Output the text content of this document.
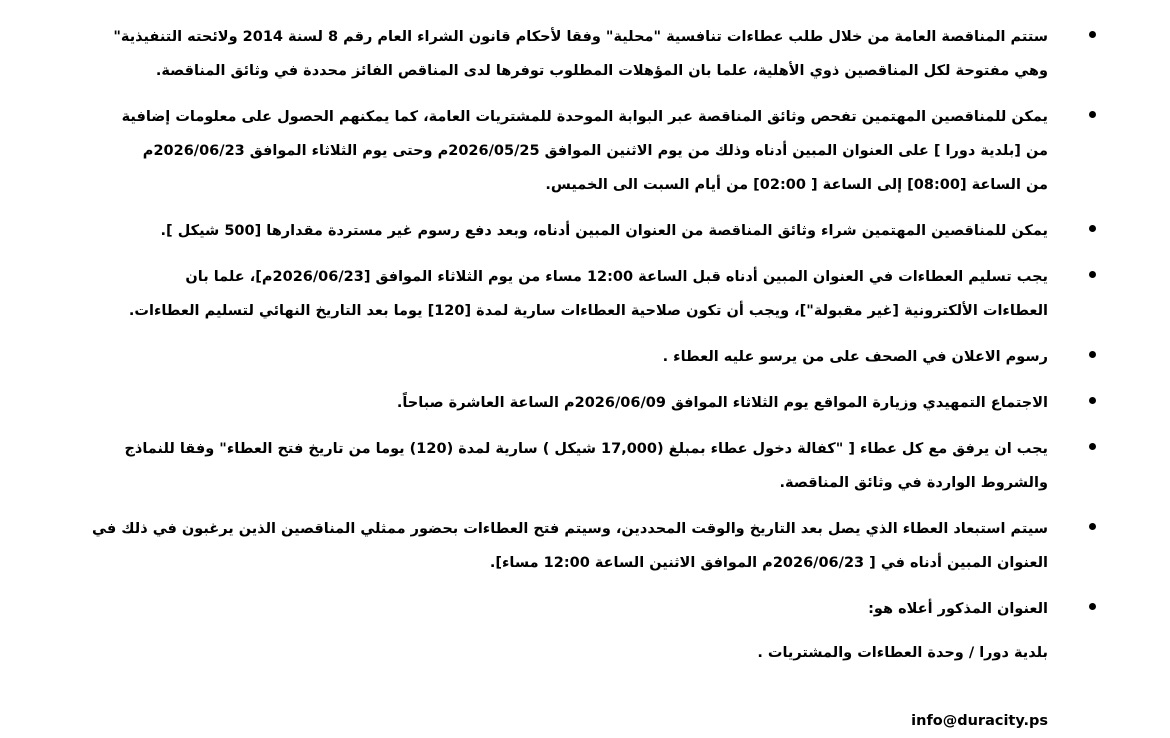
ستتم المناقصة العامة من خلال طلب عطاءات تنافسية "محلية" وفقا لأحكام قانون الشراء العام رقم 8 لسنة 2014 ولائحته التنفيذية"

وهي مفتوحة لكل المناقصين ذوي الأهلية، علما بان المؤهلات المطلوب توفرها لدى المناقص الفائز محددة في وثائق المناقصة.

يمكن للمناقصين المهتمين تفحص وثائق المناقصة عبر البوابة الموحدة للمشتريات العامة، كما يمكنهم الحصول على معلومات إضافية

من [بلدية دورا ] على العنوان المبين أدناه وذلك من يوم الاثنين الموافق 2026/05/25م وحتى يوم الثلاثاء الموافق 2026/06/23م

من الساعة [08:00] إلى الساعة [ 02:00] من أيام السبت الى الخميس.

يمكن للمناقصين المهتمين شراء وثائق المناقصة من العنوان المبين أدناه، وبعد دفع رسوم غير مستردة مقدارها [500 شيكل ].

يجب تسليم العطاءات في العنوان المبين أدناه قبل الساعة 12:00 مساء من يوم الثلاثاء الموافق [2026/06/23م]، علما بان

العطاءات الألكترونية [غير مقبولة"]، ويجب أن تكون صلاحية العطاءات سارية لمدة [120] يوما بعد التاريخ النهائي لتسليم العطاءات.

رسوم الاعلان في الصحف على من يرسو عليه العطاء .

الاجتماع التمهيدي وزيارة المواقع يوم الثلاثاء الموافق 2026/06/09م الساعة العاشرة صباحاً.

يجب ان يرفق مع كل عطاء [ "كفالة دخول عطاء بمبلغ (17,000 شيكل ) سارية لمدة (120) يوما من تاريخ فتح العطاء" وفقا للنماذج

والشروط الواردة في وثائق المناقصة.

سيتم استبعاد العطاء الذي يصل بعد التاريخ والوقت المحددين، وسيتم فتح العطاءات بحضور ممثلي المناقصين الذين يرغبون في ذلك في

العنوان المبين أدناه في [ 2026/06/23م الموافق الاثنين الساعة 12:00 مساء].

العنوان المذكور أعلاه هو:

بلدية دورا / وحدة العطاءات والمشتريات .

info@duracity.ps
